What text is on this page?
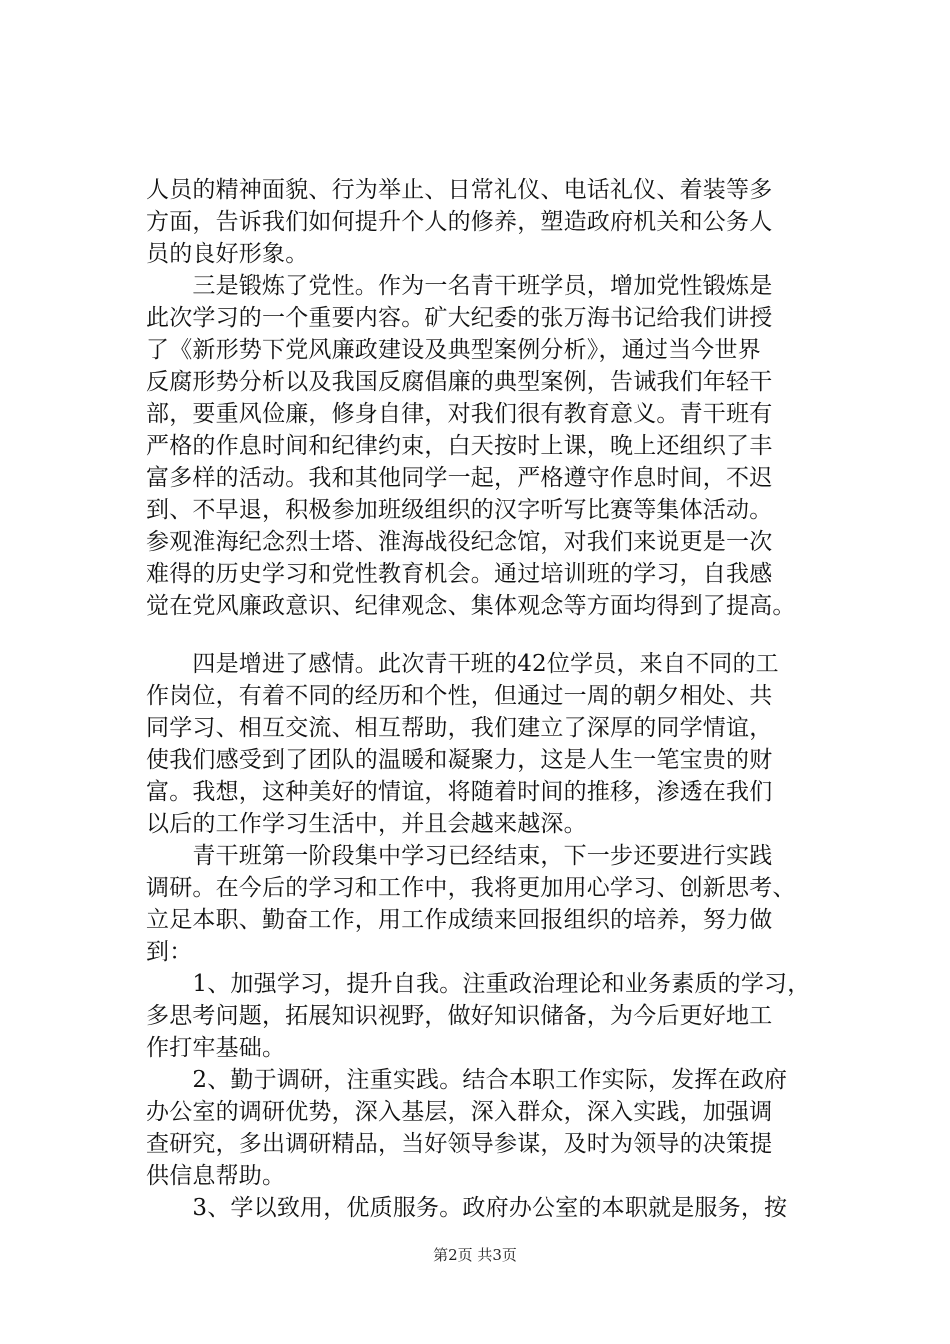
人员的精神面貌、行为举止、日常礼仪、电话礼仪、着装等多
方面，告诉我们如何提升个人的修养，塑造政府机关和公务人
员的良好形象。
　　三是锻炼了党性。作为一名青干班学员，增加党性锻炼是
此次学习的一个重要内容。矿大纪委的张万海书记给我们讲授
了《新形势下党风廉政建设及典型案例分析》，通过当今世界
反腐形势分析以及我国反腐倡廉的典型案例，告诫我们年轻干
部，要重风俭廉，修身自律，对我们很有教育意义。青干班有
严格的作息时间和纪律约束，白天按时上课，晚上还组织了丰
富多样的活动。我和其他同学一起，严格遵守作息时间，不迟
到、不早退，积极参加班级组织的汉字听写比赛等集体活动。
参观淮海纪念烈士塔、淮海战役纪念馆，对我们来说更是一次
难得的历史学习和党性教育机会。通过培训班的学习，自我感
觉在党风廉政意识、纪律观念、集体观念等方面均得到了提高。
　　四是增进了感情。此次青干班的42位学员，来自不同的工
作岗位，有着不同的经历和个性，但通过一周的朝夕相处、共
同学习、相互交流、相互帮助，我们建立了深厚的同学情谊，
使我们感受到了团队的温暖和凝聚力，这是人生一笔宝贵的财
富。我想，这种美好的情谊，将随着时间的推移，渗透在我们
以后的工作学习生活中，并且会越来越深。
　　青干班第一阶段集中学习已经结束，下一步还要进行实践
调研。在今后的学习和工作中，我将更加用心学习、创新思考、
立足本职、勤奋工作，用工作成绩来回报组织的培养，努力做
到：
　　1、加强学习，提升自我。注重政治理论和业务素质的学习，
多思考问题，拓展知识视野，做好知识储备，为今后更好地工
作打牢基础。
　　2、勤于调研，注重实践。结合本职工作实际，发挥在政府
办公室的调研优势，深入基层，深入群众，深入实践，加强调
查研究，多出调研精品，当好领导参谋，及时为领导的决策提
供信息帮助。
　　3、学以致用，优质服务。政府办公室的本职就是服务，按
第2页 共3页
